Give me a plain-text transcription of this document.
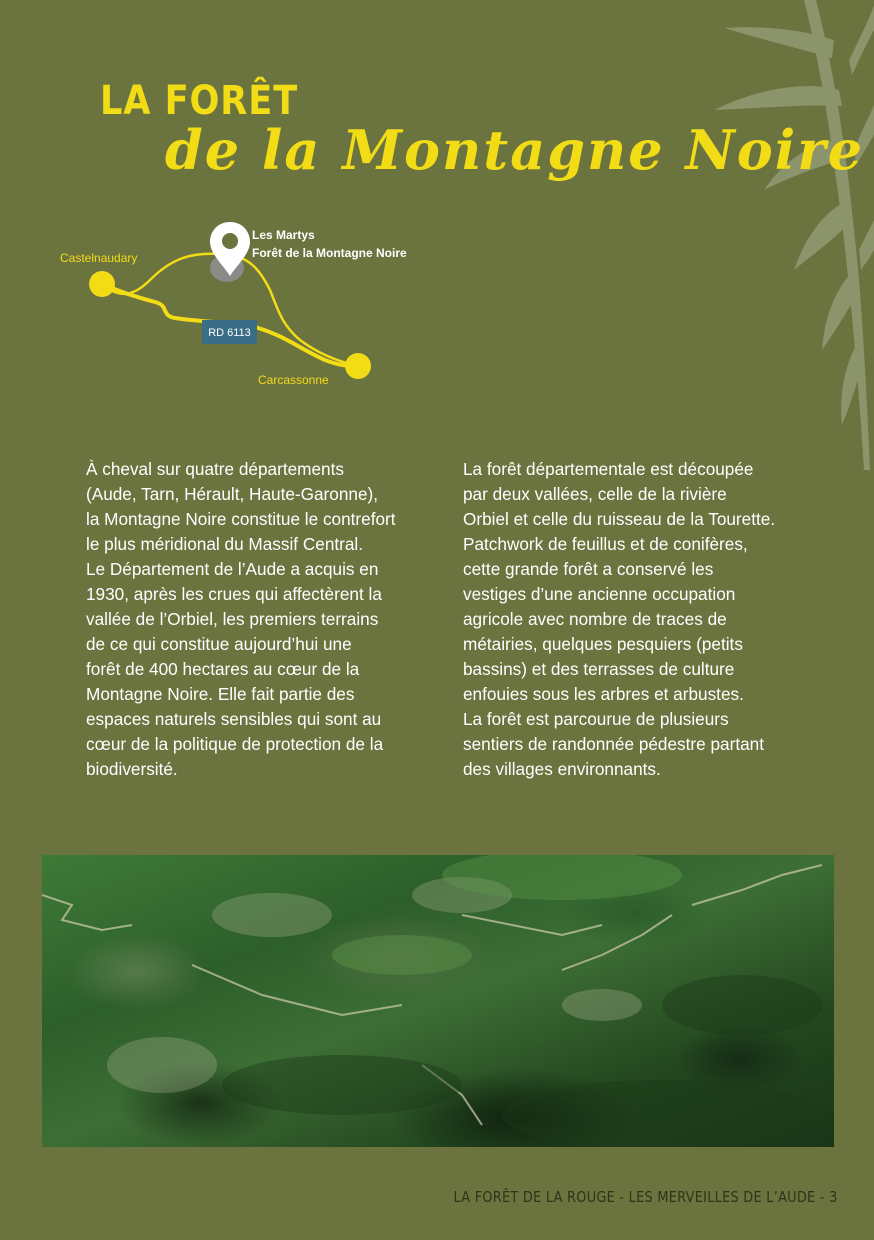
LA FORÊT
de la Montagne Noire
Castelnaudary
Carcassonne
RD 6113
Les Martys
Forêt de la Montagne Noire

À cheval sur quatre départements

(Aude, Tarn, Hérault, Haute-Garonne),

la Montagne Noire constitue le contrefort

le plus méridional du Massif Central.

Le Département de l’Aude a acquis en

1930, après les crues qui affectèrent la

vallée de l’Orbiel, les premiers terrains

de ce qui constitue aujourd’hui une

forêt de 400 hectares au cœur de la

Montagne Noire. Elle fait partie des

espaces naturels sensibles qui sont au

cœur de la politique de protection de la

biodiversité.

La forêt départementale est découpée

par deux vallées, celle de la rivière

Orbiel et celle du ruisseau de la Tourette.

Patchwork de feuillus et de conifères,

cette grande forêt a conservé les

vestiges d’une ancienne occupation

agricole avec nombre de traces de

métairies, quelques pesquiers (petits

bassins) et des terrasses de culture

enfouies sous les arbres et arbustes.

La forêt est parcourue de plusieurs

sentiers de randonnée pédestre partant

des villages environnants.

LA FORÊT DE LA ROUGE - LES MERVEILLES DE L’AUDE - 3
